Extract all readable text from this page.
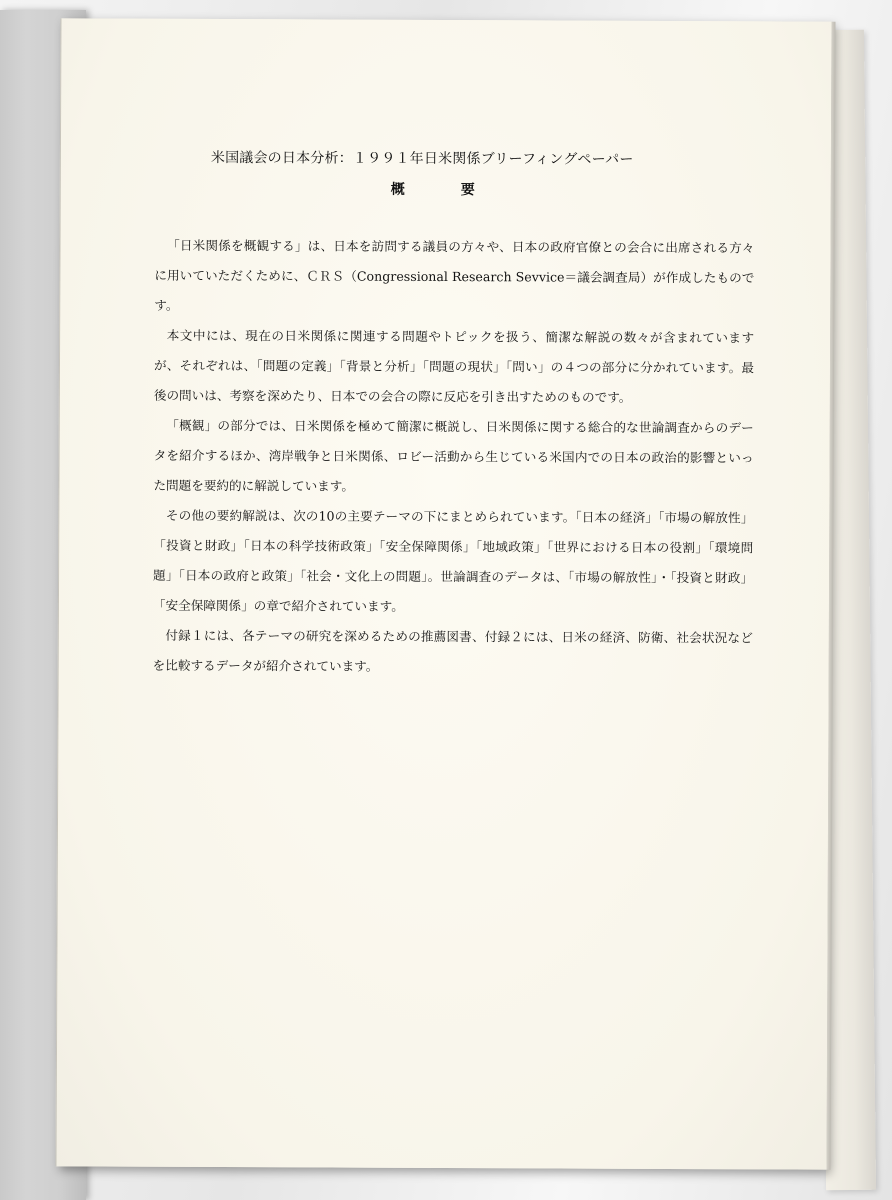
米国議会の日本分析：１９９１年日米関係ブリーフィングペーパー
概要

「日米関係を概観する」は、日本を訪問する議員の方々や、日本の政府官僚との会合に出席される方々に用いていただくために、ＣＲＳ（Congressional Research Sevvice＝議会調査局）が作成したものです。

本文中には、現在の日米関係に関連する問題やトピックを扱う、簡潔な解説の数々が含まれていますが、それぞれは、「問題の定義」「背景と分析」「問題の現状」「問い」の４つの部分に分かれています。最後の問いは、考察を深めたり、日本での会合の際に反応を引き出すためのものです。

「概観」の部分では、日米関係を極めて簡潔に概説し、日米関係に関する総合的な世論調査からのデータを紹介するほか、湾岸戦争と日米関係、ロビー活動から生じている米国内での日本の政治的影響といった問題を要約的に解説しています。

その他の要約解説は、次の10の主要テーマの下にまとめられています。「日本の経済」「市場の解放性」「投資と財政」「日本の科学技術政策」「安全保障関係」「地域政策」「世界における日本の役割」「環境問題」「日本の政府と政策」「社会・文化上の問題」。世論調査のデータは、「市場の解放性」・「投資と財政」「安全保障関係」の章で紹介されています。

付録１には、各テーマの研究を深めるための推薦図書、付録２には、日米の経済、防衛、社会状況などを比較するデータが紹介されています。
